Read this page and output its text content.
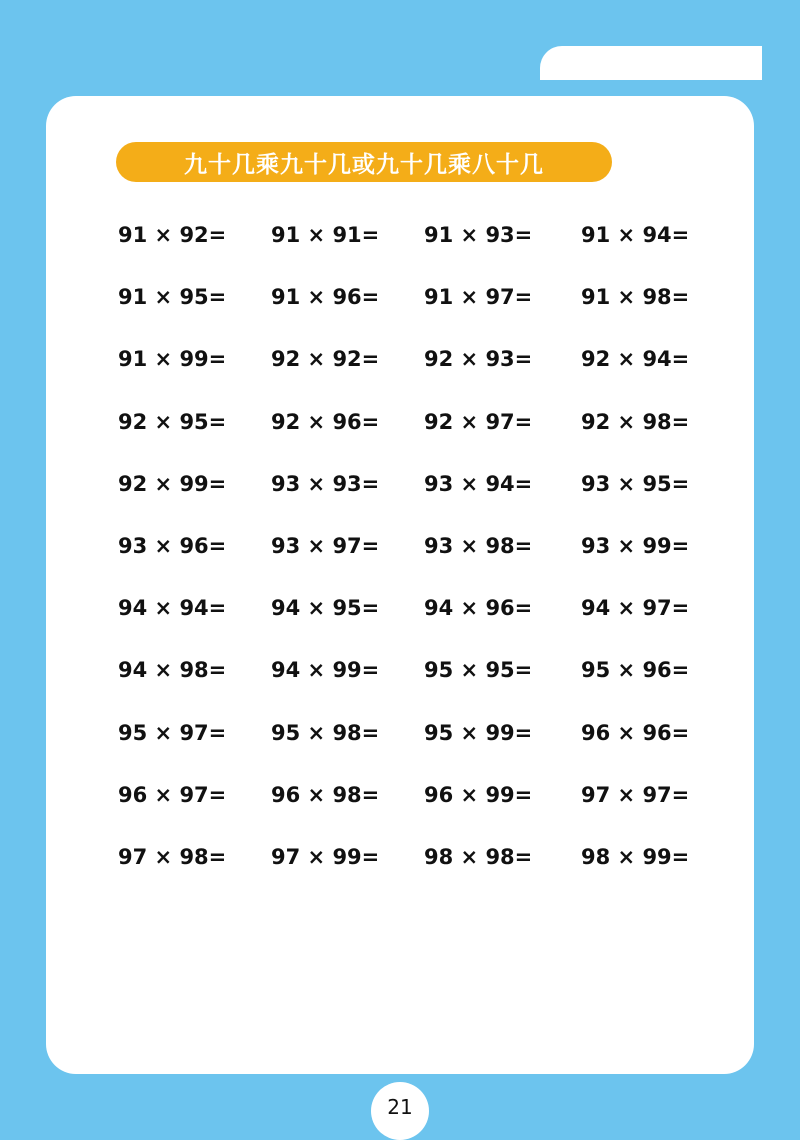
九十几乘九十几或九十几乘八十几
91 × 92=	91 × 91=	91 × 93=	91 × 94=
91 × 95=	91 × 96=	91 × 97=	91 × 98=
91 × 99=	92 × 92=	92 × 93=	92 × 94=
92 × 95=	92 × 96=	92 × 97=	92 × 98=
92 × 99=	93 × 93=	93 × 94=	93 × 95=
93 × 96=	93 × 97=	93 × 98=	93 × 99=
94 × 94=	94 × 95=	94 × 96=	94 × 97=
94 × 98=	94 × 99=	95 × 95=	95 × 96=
95 × 97=	95 × 98=	95 × 99=	96 × 96=
96 × 97=	96 × 98=	96 × 99=	97 × 97=
97 × 98=	97 × 99=	98 × 98=	98 × 99=
21
